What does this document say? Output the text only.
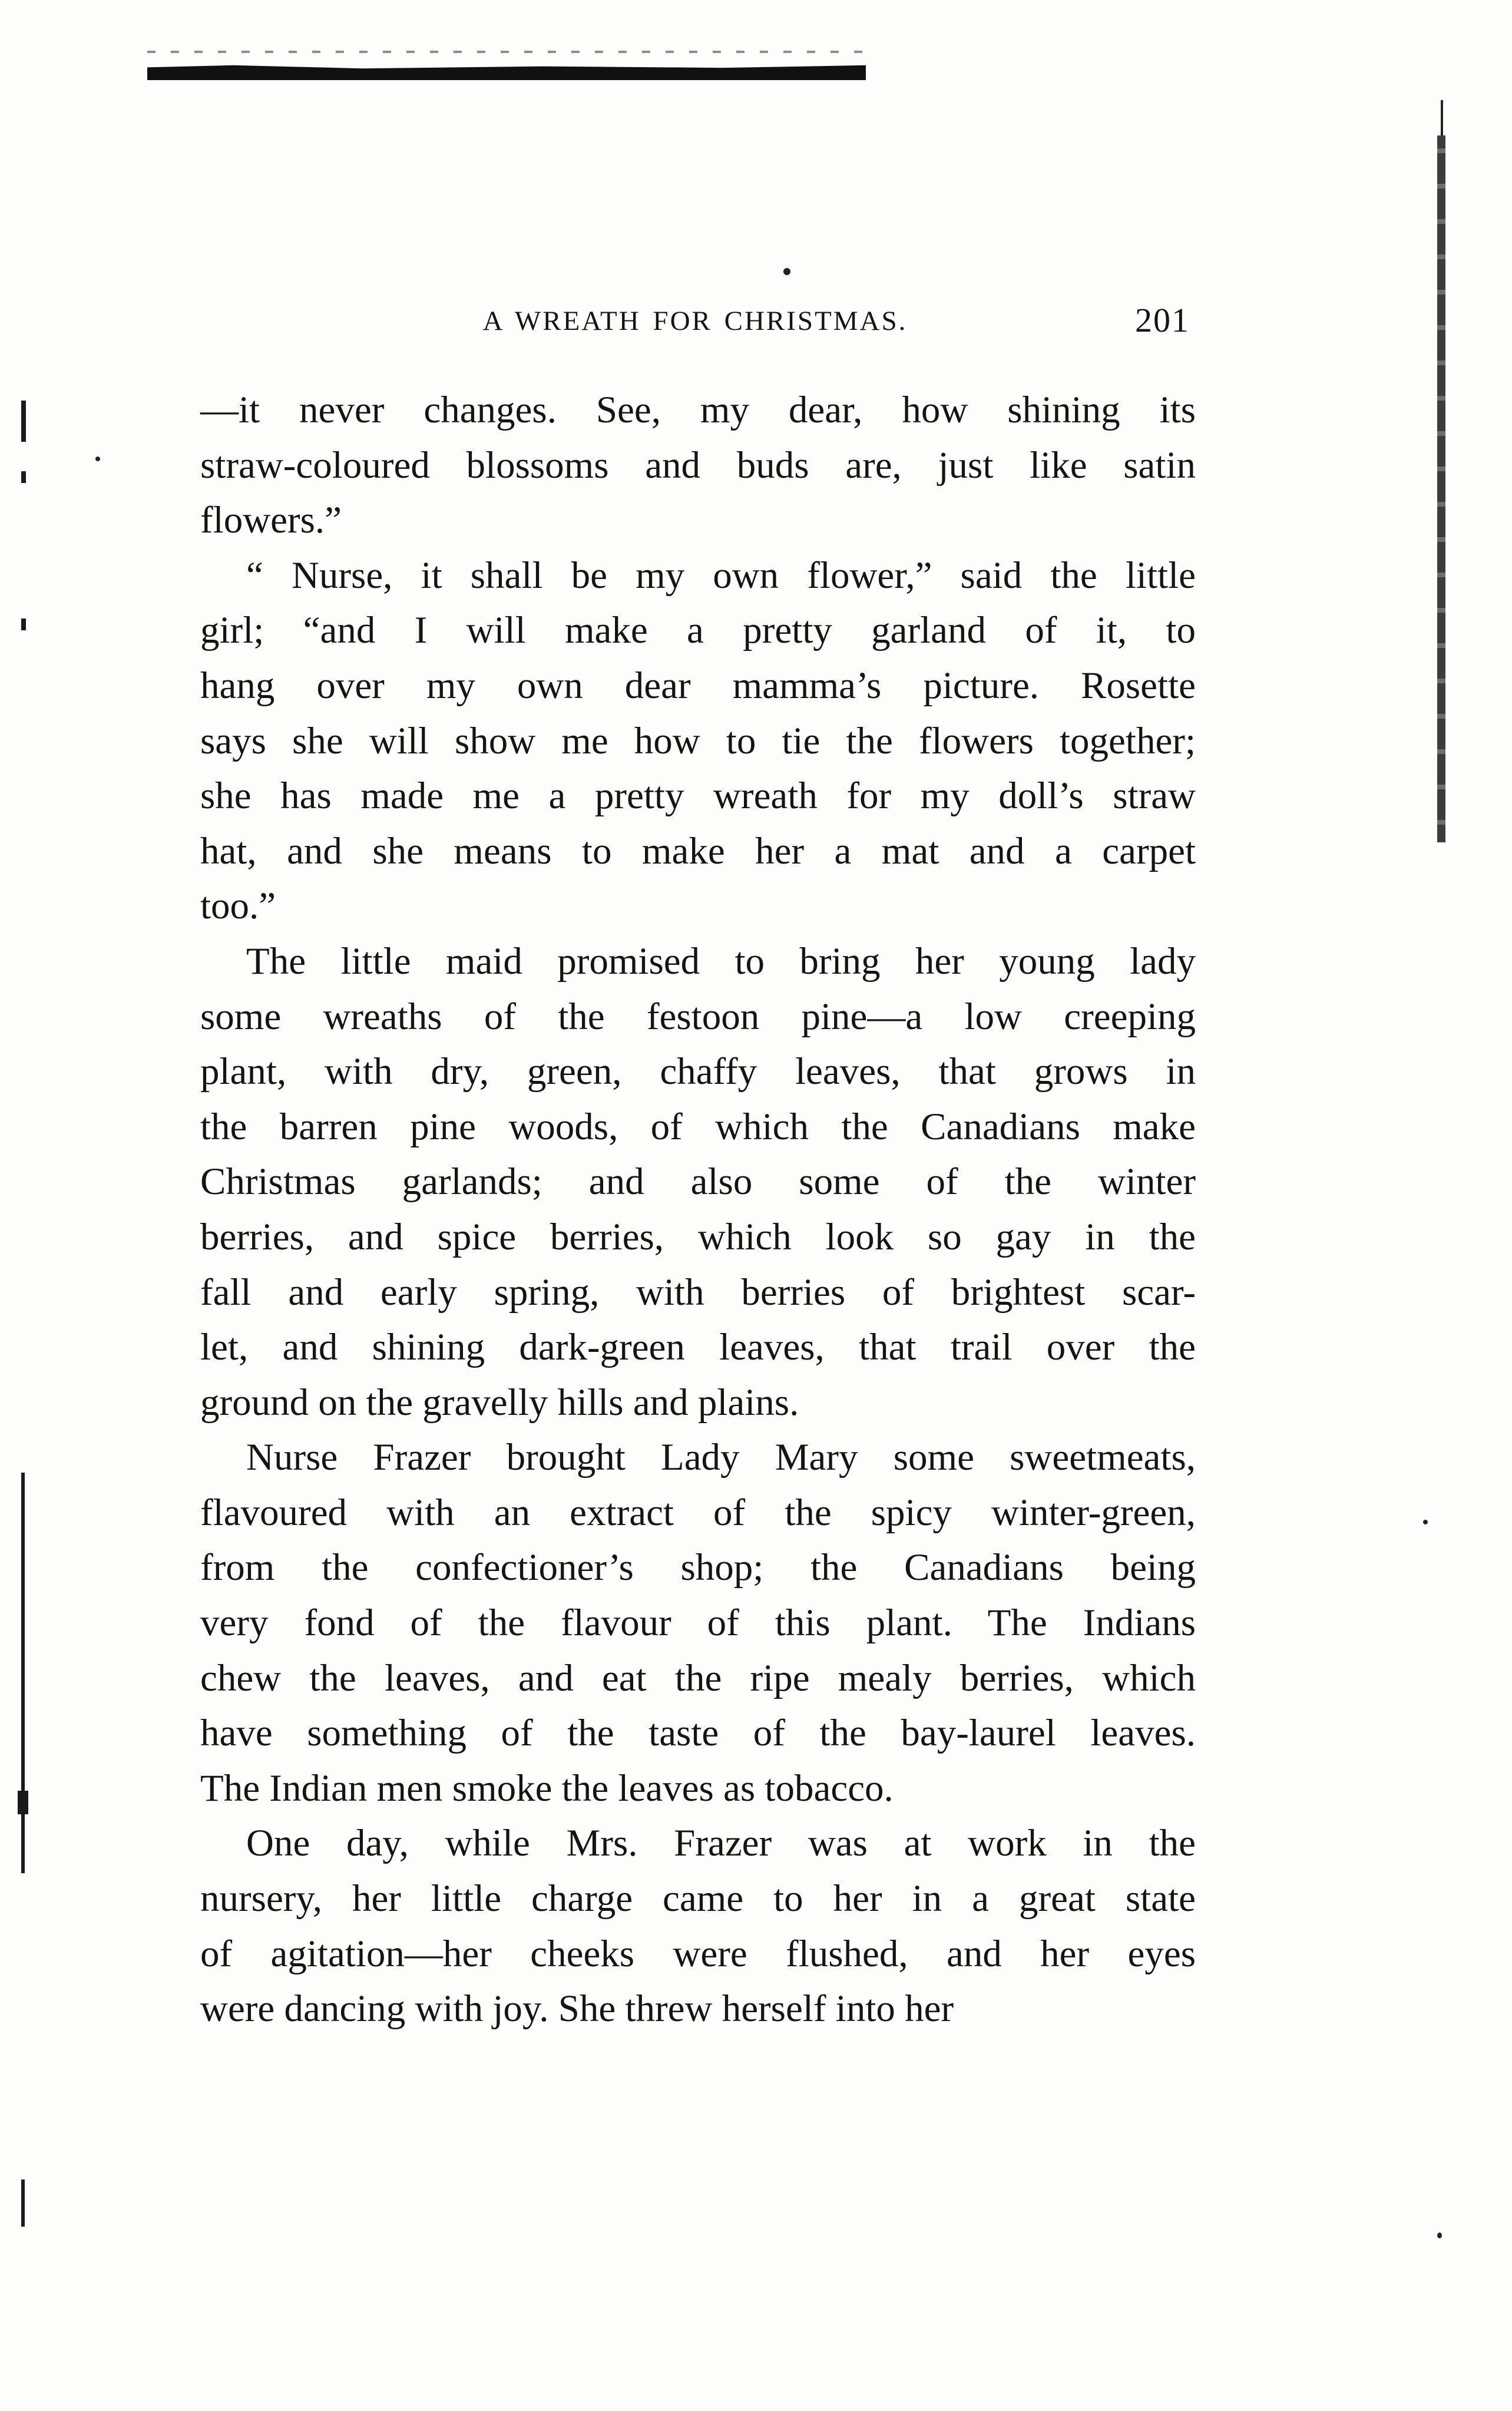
A WREATH FOR CHRISTMAS.	201
—it never changes. See, my dear, how shining its
straw-coloured blossoms and buds are, just like satin
flowers.”
“ Nurse, it shall be my own flower,” said the little
girl; “and I will make a pretty garland of it, to
hang over my own dear mamma’s picture. Rosette
says she will show me how to tie the flowers together;
she has made me a pretty wreath for my doll’s straw
hat, and she means to make her a mat and a carpet
too.”
The little maid promised to bring her young lady
some wreaths of the festoon pine—a low creeping
plant, with dry, green, chaffy leaves, that grows in
the barren pine woods, of which the Canadians make
Christmas garlands; and also some of the winter
berries, and spice berries, which look so gay in the
fall and early spring, with berries of brightest scar-
let, and shining dark-green leaves, that trail over the
ground on the gravelly hills and plains.
Nurse Frazer brought Lady Mary some sweetmeats,
flavoured with an extract of the spicy winter-green,
from the confectioner’s shop; the Canadians being
very fond of the flavour of this plant. The Indians
chew the leaves, and eat the ripe mealy berries, which
have something of the taste of the bay-laurel leaves.
The Indian men smoke the leaves as tobacco.
One day, while Mrs. Frazer was at work in the
nursery, her little charge came to her in a great state
of agitation—her cheeks were flushed, and her eyes
were dancing with joy. She threw herself into her
